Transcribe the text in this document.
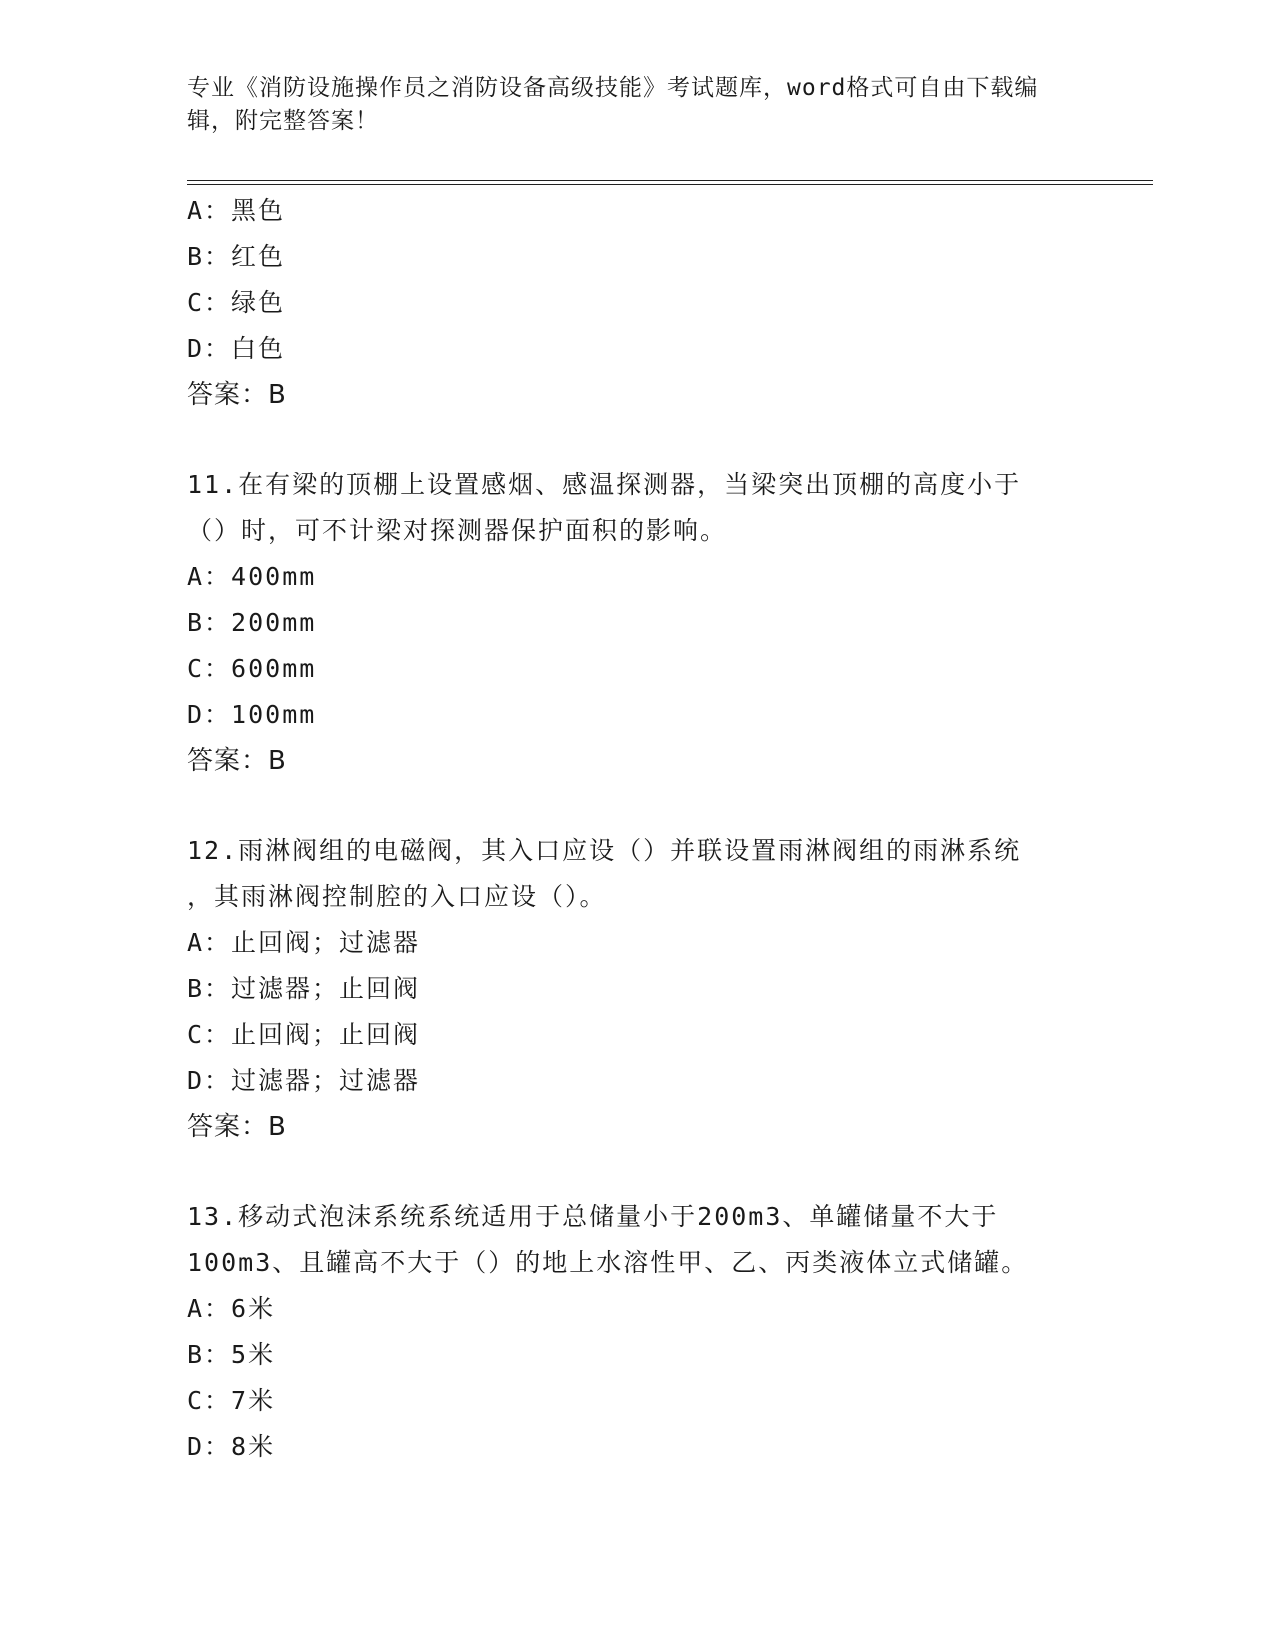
专业《消防设施操作员之消防设备高级技能》考试题库，word格式可自由下载编
辑，附完整答案！
A：黑色
B：红色
C：绿色
D：白色
答案：B
11.在有梁的顶棚上设置感烟、感温探测器，当梁突出顶棚的高度小于
（）时，可不计梁对探测器保护面积的影响。
A：400mm
B：200mm
C：600mm
D：100mm
答案：B
12.雨淋阀组的电磁阀，其入口应设（）并联设置雨淋阀组的雨淋系统
，其雨淋阀控制腔的入口应设（）。
A：止回阀；过滤器
B：过滤器；止回阀
C：止回阀；止回阀
D：过滤器；过滤器
答案：B
13.移动式泡沫系统系统适用于总储量小于200m3、单罐储量不大于
100m3、且罐高不大于（）的地上水溶性甲、乙、丙类液体立式储罐。
A：6米
B：5米
C：7米
D：8米
